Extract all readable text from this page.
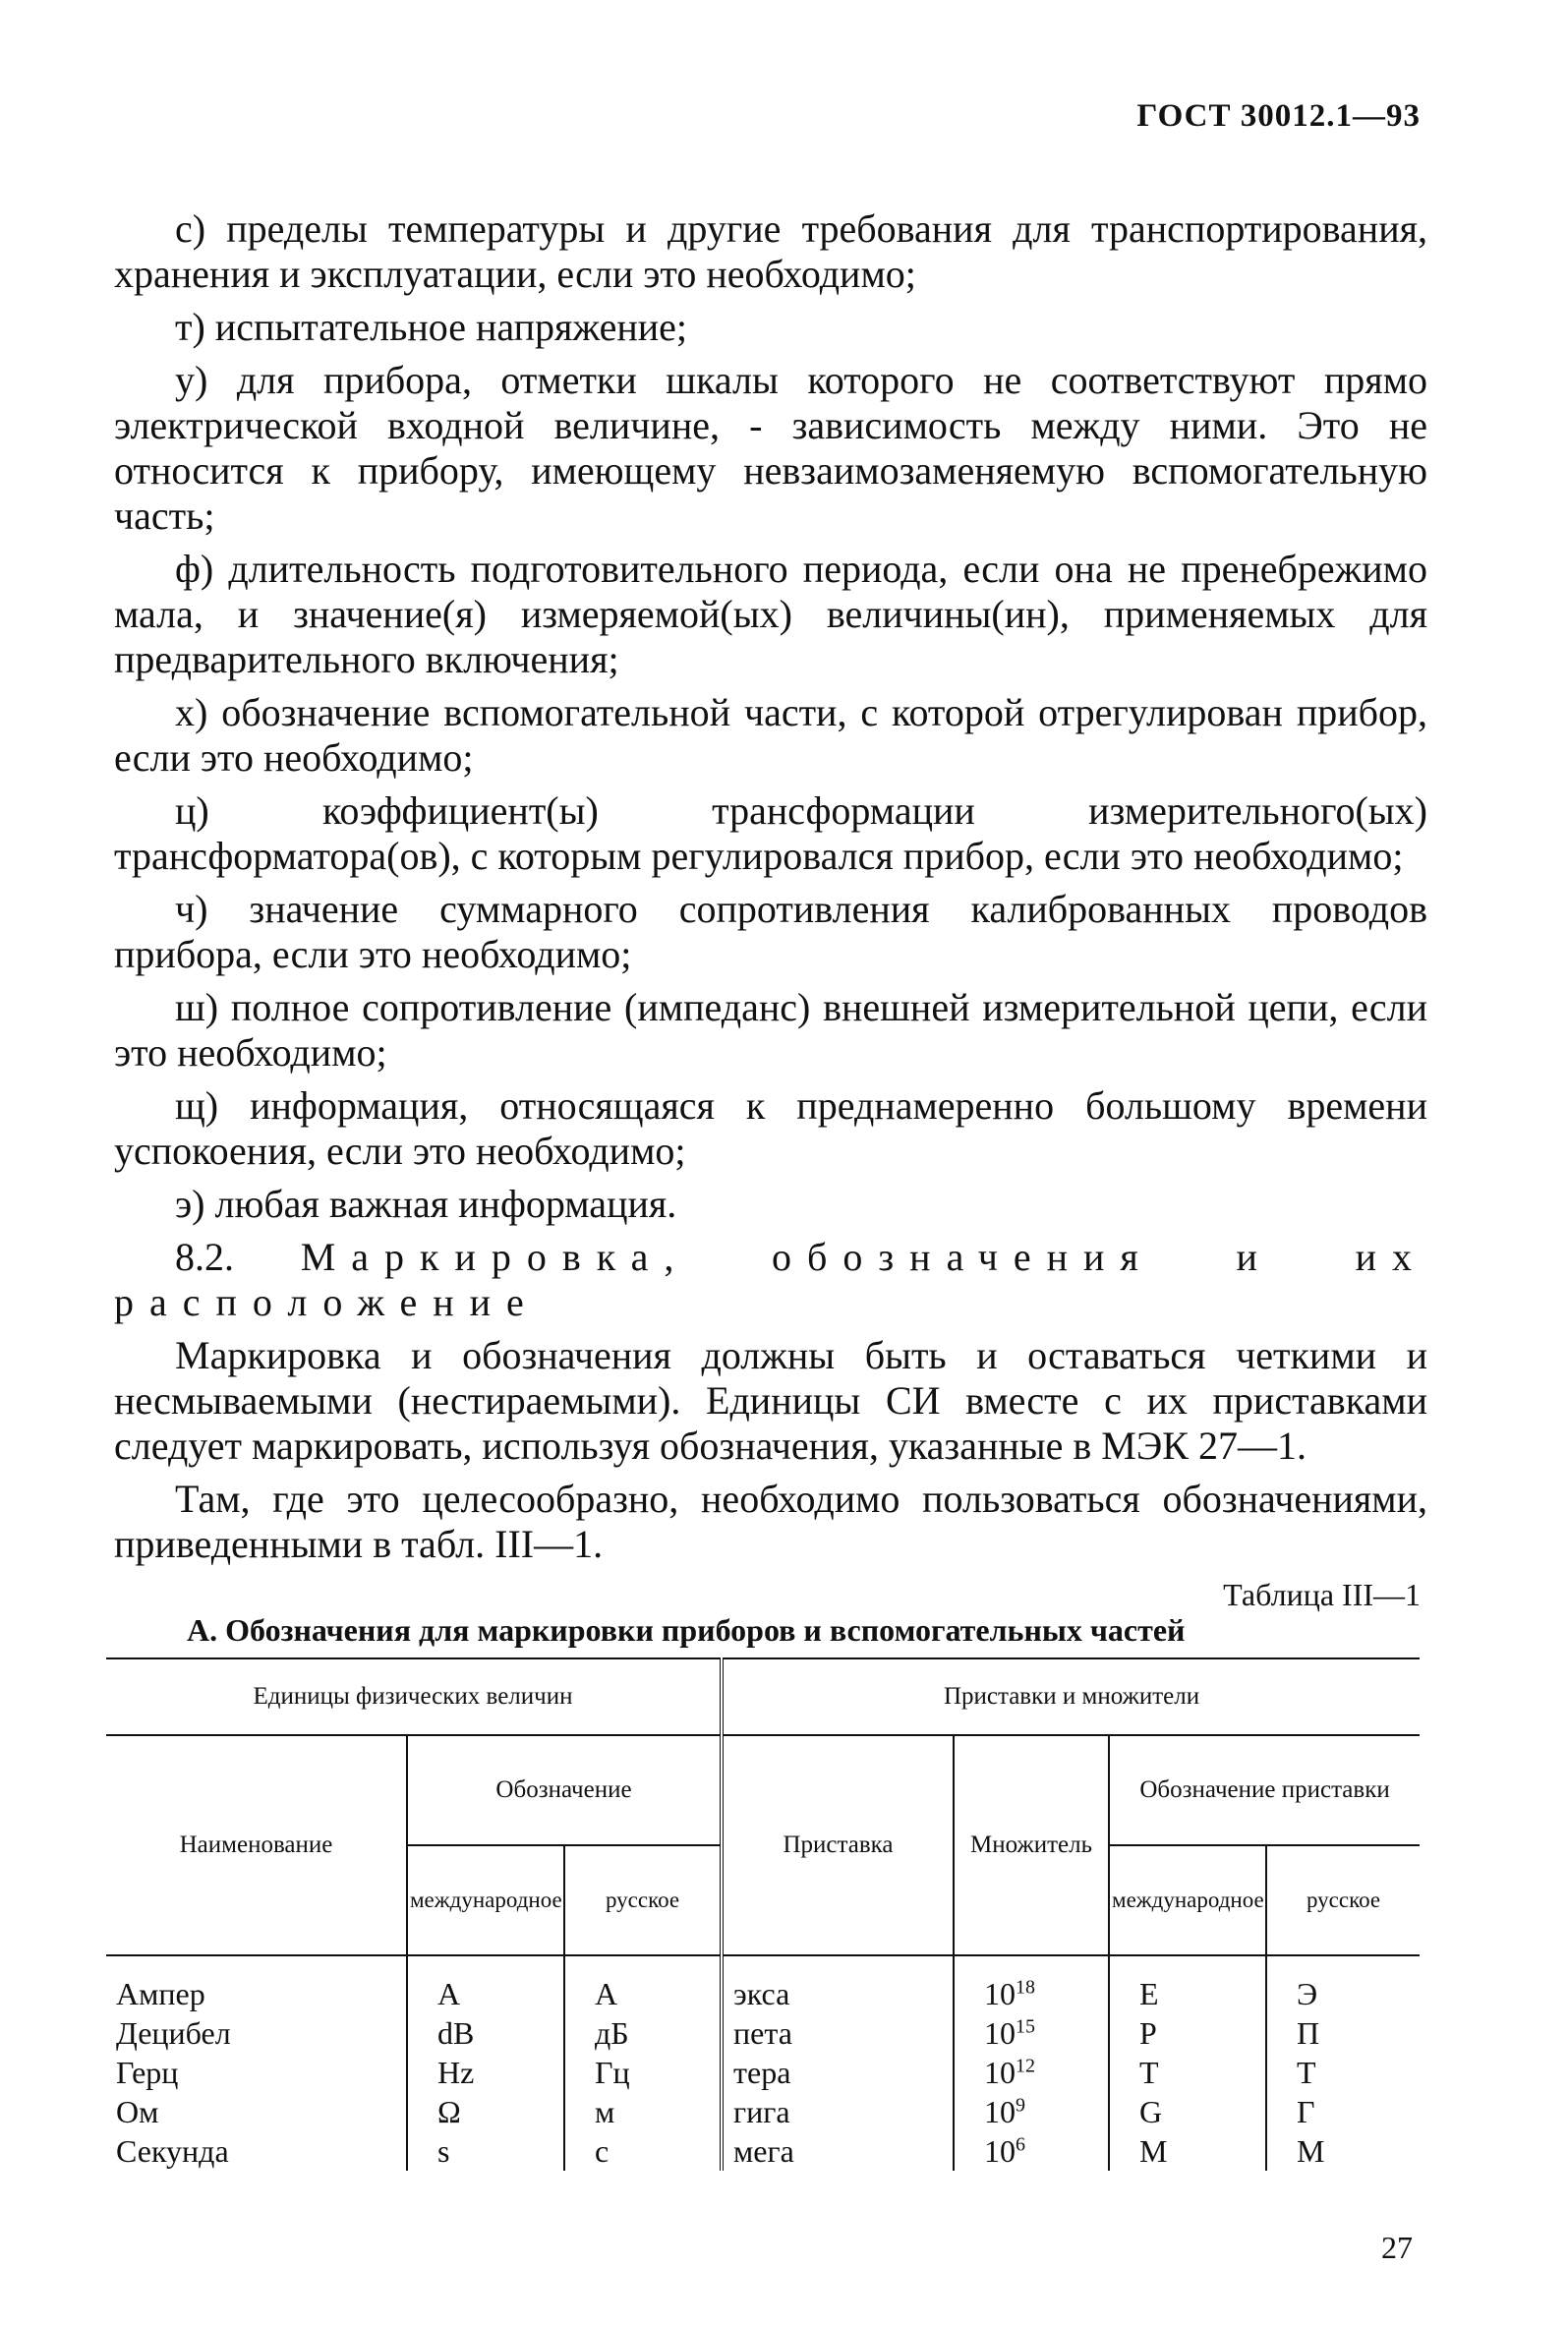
ГОСТ 30012.1—93

с) пределы температуры и другие требования для транспортирования, хранения и эксплуатации, если это необходимо;

т) испытательное напряжение;

у) для прибора, отметки шкалы которого не соответствуют прямо электрической входной величине, - зависимость между ними. Это не относится к прибору, имеющему невзаимозаменяемую вспомогательную часть;

ф) длительность подготовительного периода, если она не пренебрежимо мала, и значение(я) измеряемой(ых) величины(ин), применяемых для предварительного включения;

х) обозначение вспомогательной части, с которой отрегулирован прибор, если это необходимо;

ц) коэффициент(ы) трансформации измерительного(ых) трансформатора(ов), с которым регулировался прибор, если это необходимо;

ч) значение суммарного сопротивления калиброванных проводов прибора, если это необходимо;

ш) полное сопротивление (импеданс) внешней измерительной цепи, если это необходимо;

щ) информация, относящаяся к преднамеренно большому времени успокоения, если это необходимо;

э) любая важная информация.

8.2. Маркировка, обозначения и их расположение

Маркировка и обозначения должны быть и оставаться четкими и несмываемыми (нестираемыми). Единицы СИ вместе с их приставками следует маркировать, используя обозначения, указанные в МЭК 27—1.

Там, где это целесообразно, необходимо пользоваться обозначениями, приведенными в табл. III—1.

Таблица III—1
А. Обозначения для маркировки приборов и вспомогательных частей
Единицы физических величин			Приставки и множители			
Наименование	Обозначение		Приставка	Множитель	Обозначение приставки	
	международное	русское			международное	русское
Ампер	A	А	экса	$10^{18}$	E	Э
Децибел	dB	дБ	пета	$10^{15}$	P	П
Герц	Hz	Гц	тера	$10^{12}$	T	Т
Ом	Ω	м	гига	$10^9$	G	Г
Секунда	s	с	мега	$10^6$	M	М
27
